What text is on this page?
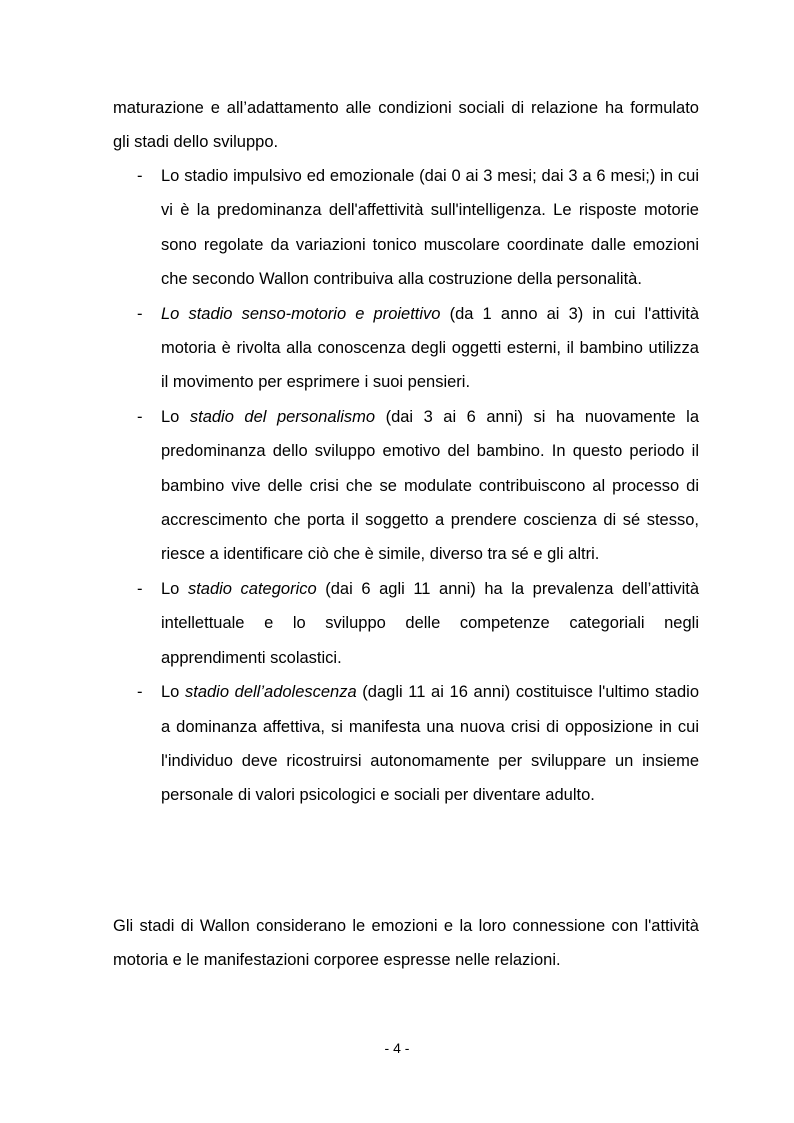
maturazione e all’adattamento alle condizioni sociali di relazione ha formulato gli stadi dello sviluppo.

- Lo stadio impulsivo ed emozionale (dai 0 ai 3 mesi; dai 3 a 6 mesi;) in cui vi è la predominanza dell'affettività sull'intelligenza. Le risposte motorie sono regolate da variazioni tonico muscolare coordinate dalle emozioni che secondo Wallon contribuiva alla costruzione della personalità.
- Lo stadio senso-motorio e proiettivo (da 1 anno ai 3) in cui l'attività motoria è rivolta alla conoscenza degli oggetti esterni, il bambino utilizza il movimento per esprimere i suoi pensieri.
- Lo stadio del personalismo (dai 3 ai 6 anni) si ha nuovamente la predominanza dello sviluppo emotivo del bambino. In questo periodo il bambino vive delle crisi che se modulate contribuiscono al processo di accrescimento che porta il soggetto a prendere coscienza di sé stesso, riesce a identificare ciò che è simile, diverso tra sé e gli altri.
- Lo stadio categorico (dai 6 agli 11 anni) ha la prevalenza dell’attività intellettuale e lo sviluppo delle competenze categoriali negli apprendimenti scolastici.
- Lo stadio dell’adolescenza (dagli 11 ai 16 anni) costituisce l'ultimo stadio a dominanza affettiva, si manifesta una nuova crisi di opposizione in cui l'individuo deve ricostruirsi autonomamente per sviluppare un insieme personale di valori psicologici e sociali per diventare adulto.

Gli stadi di Wallon considerano le emozioni e la loro connessione con l'attività motoria e le manifestazioni corporee espresse nelle relazioni.

- 4 -
